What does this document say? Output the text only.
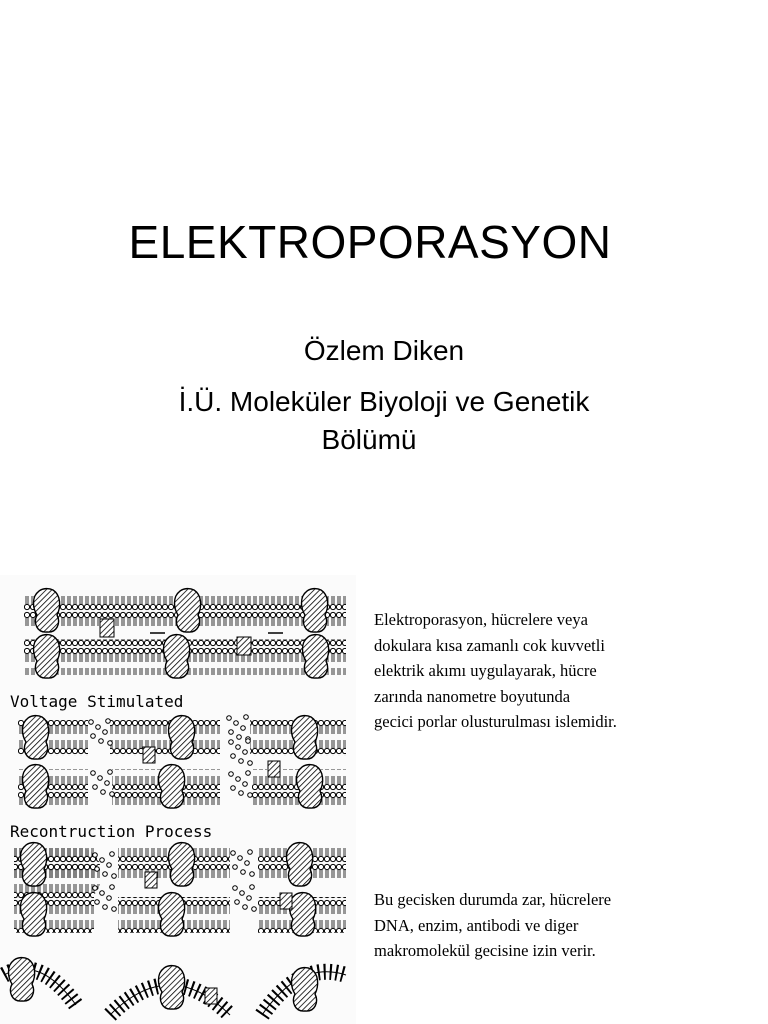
ELEKTROPORASYON
Özlem Diken
İ.Ü. Moleküler Biyoloji ve Genetik
Bölümü
Voltage Stimulated
Recontruction Process
Elektroporasyon, hücrelere veya
dokulara kısa zamanlı cok kuvvetli
elektrik akımı uygulayarak, hücre
zarında nanometre boyutunda
gecici porlar olusturulması islemidir.
Bu gecisken durumda zar, hücrelere
DNA, enzim, antibodi ve diger
makromolekül gecisine izin verir.
